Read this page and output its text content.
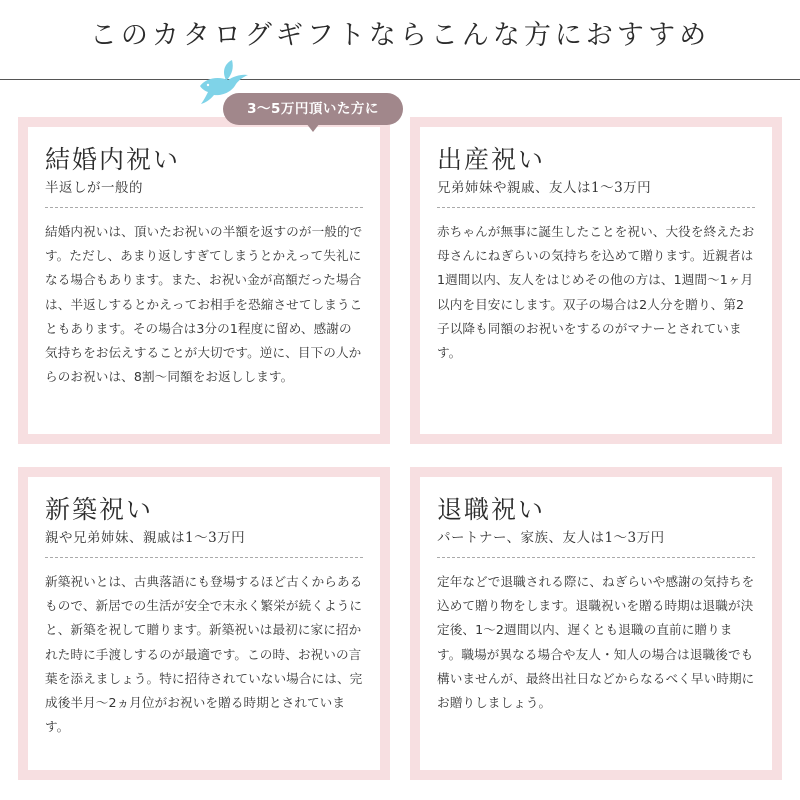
このカタログギフトならこんな方におすすめ
結婚内祝い
半返しが一般的
結婚内祝いは、頂いたお祝いの半額を返すのが一般的です。ただし、あまり返しすぎてしまうとかえって失礼になる場合もあります。また、お祝い金が高額だった場合は、半返しするとかえってお相手を恐縮させてしまうこともあります。その場合は3分の1程度に留め、感謝の気持ちをお伝えすることが大切です。逆に、目下の人からのお祝いは、8割～同額をお返しします。
出産祝い
兄弟姉妹や親戚、友人は1～3万円
赤ちゃんが無事に誕生したことを祝い、大役を終えたお母さんにねぎらいの気持ちを込めて贈ります。近親者は1週間以内、友人をはじめその他の方は、1週間～1ヶ月以内を目安にします。双子の場合は2人分を贈り、第2子以降も同額のお祝いをするのがマナーとされています。
新築祝い
親や兄弟姉妹、親戚は1～3万円
新築祝いとは、古典落語にも登場するほど古くからあるもので、新居での生活が安全で末永く繁栄が続くようにと、新築を祝して贈ります。新築祝いは最初に家に招かれた時に手渡しするのが最適です。この時、お祝いの言葉を添えましょう。特に招待されていない場合には、完成後半月～2ヵ月位がお祝いを贈る時期とされています。
退職祝い
パートナー、家族、友人は1～3万円
定年などで退職される際に、ねぎらいや感謝の気持ちを込めて贈り物をします。退職祝いを贈る時期は退職が決定後、1～2週間以内、遅くとも退職の直前に贈ります。職場が異なる場合や友人・知人の場合は退職後でも構いませんが、最終出社日などからなるべく早い時期にお贈りしましょう。
3～5万円頂いた方に
